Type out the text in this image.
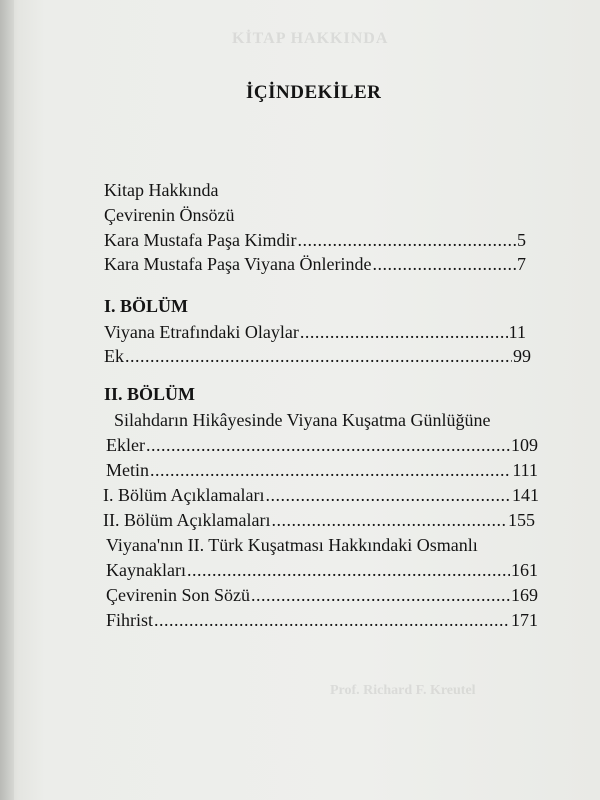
KİTAP HAKKINDA
Prof. Richard F. Kreutel
İÇİNDEKİLER
Kitap Hakkında
Çevirenin Önsözü
Kara Mustafa Paşa Kimdir .....	5
Kara Mustafa Paşa Viyana Önlerinde .....	7
I. BÖLÜM
Viyana Etrafındaki Olaylar .....	11
Ek .....	99
II. BÖLÜM
Silahdarın Hikâyesinde Viyana Kuşatma Günlüğüne
Ekler .....	109
Metin .....	111
I. Bölüm Açıklamaları .....	141
II. Bölüm Açıklamaları .....	155
Viyana'nın II. Türk Kuşatması Hakkındaki Osmanlı
Kaynakları .....	161
Çevirenin Son Sözü .....	169
Fihrist .....	171
